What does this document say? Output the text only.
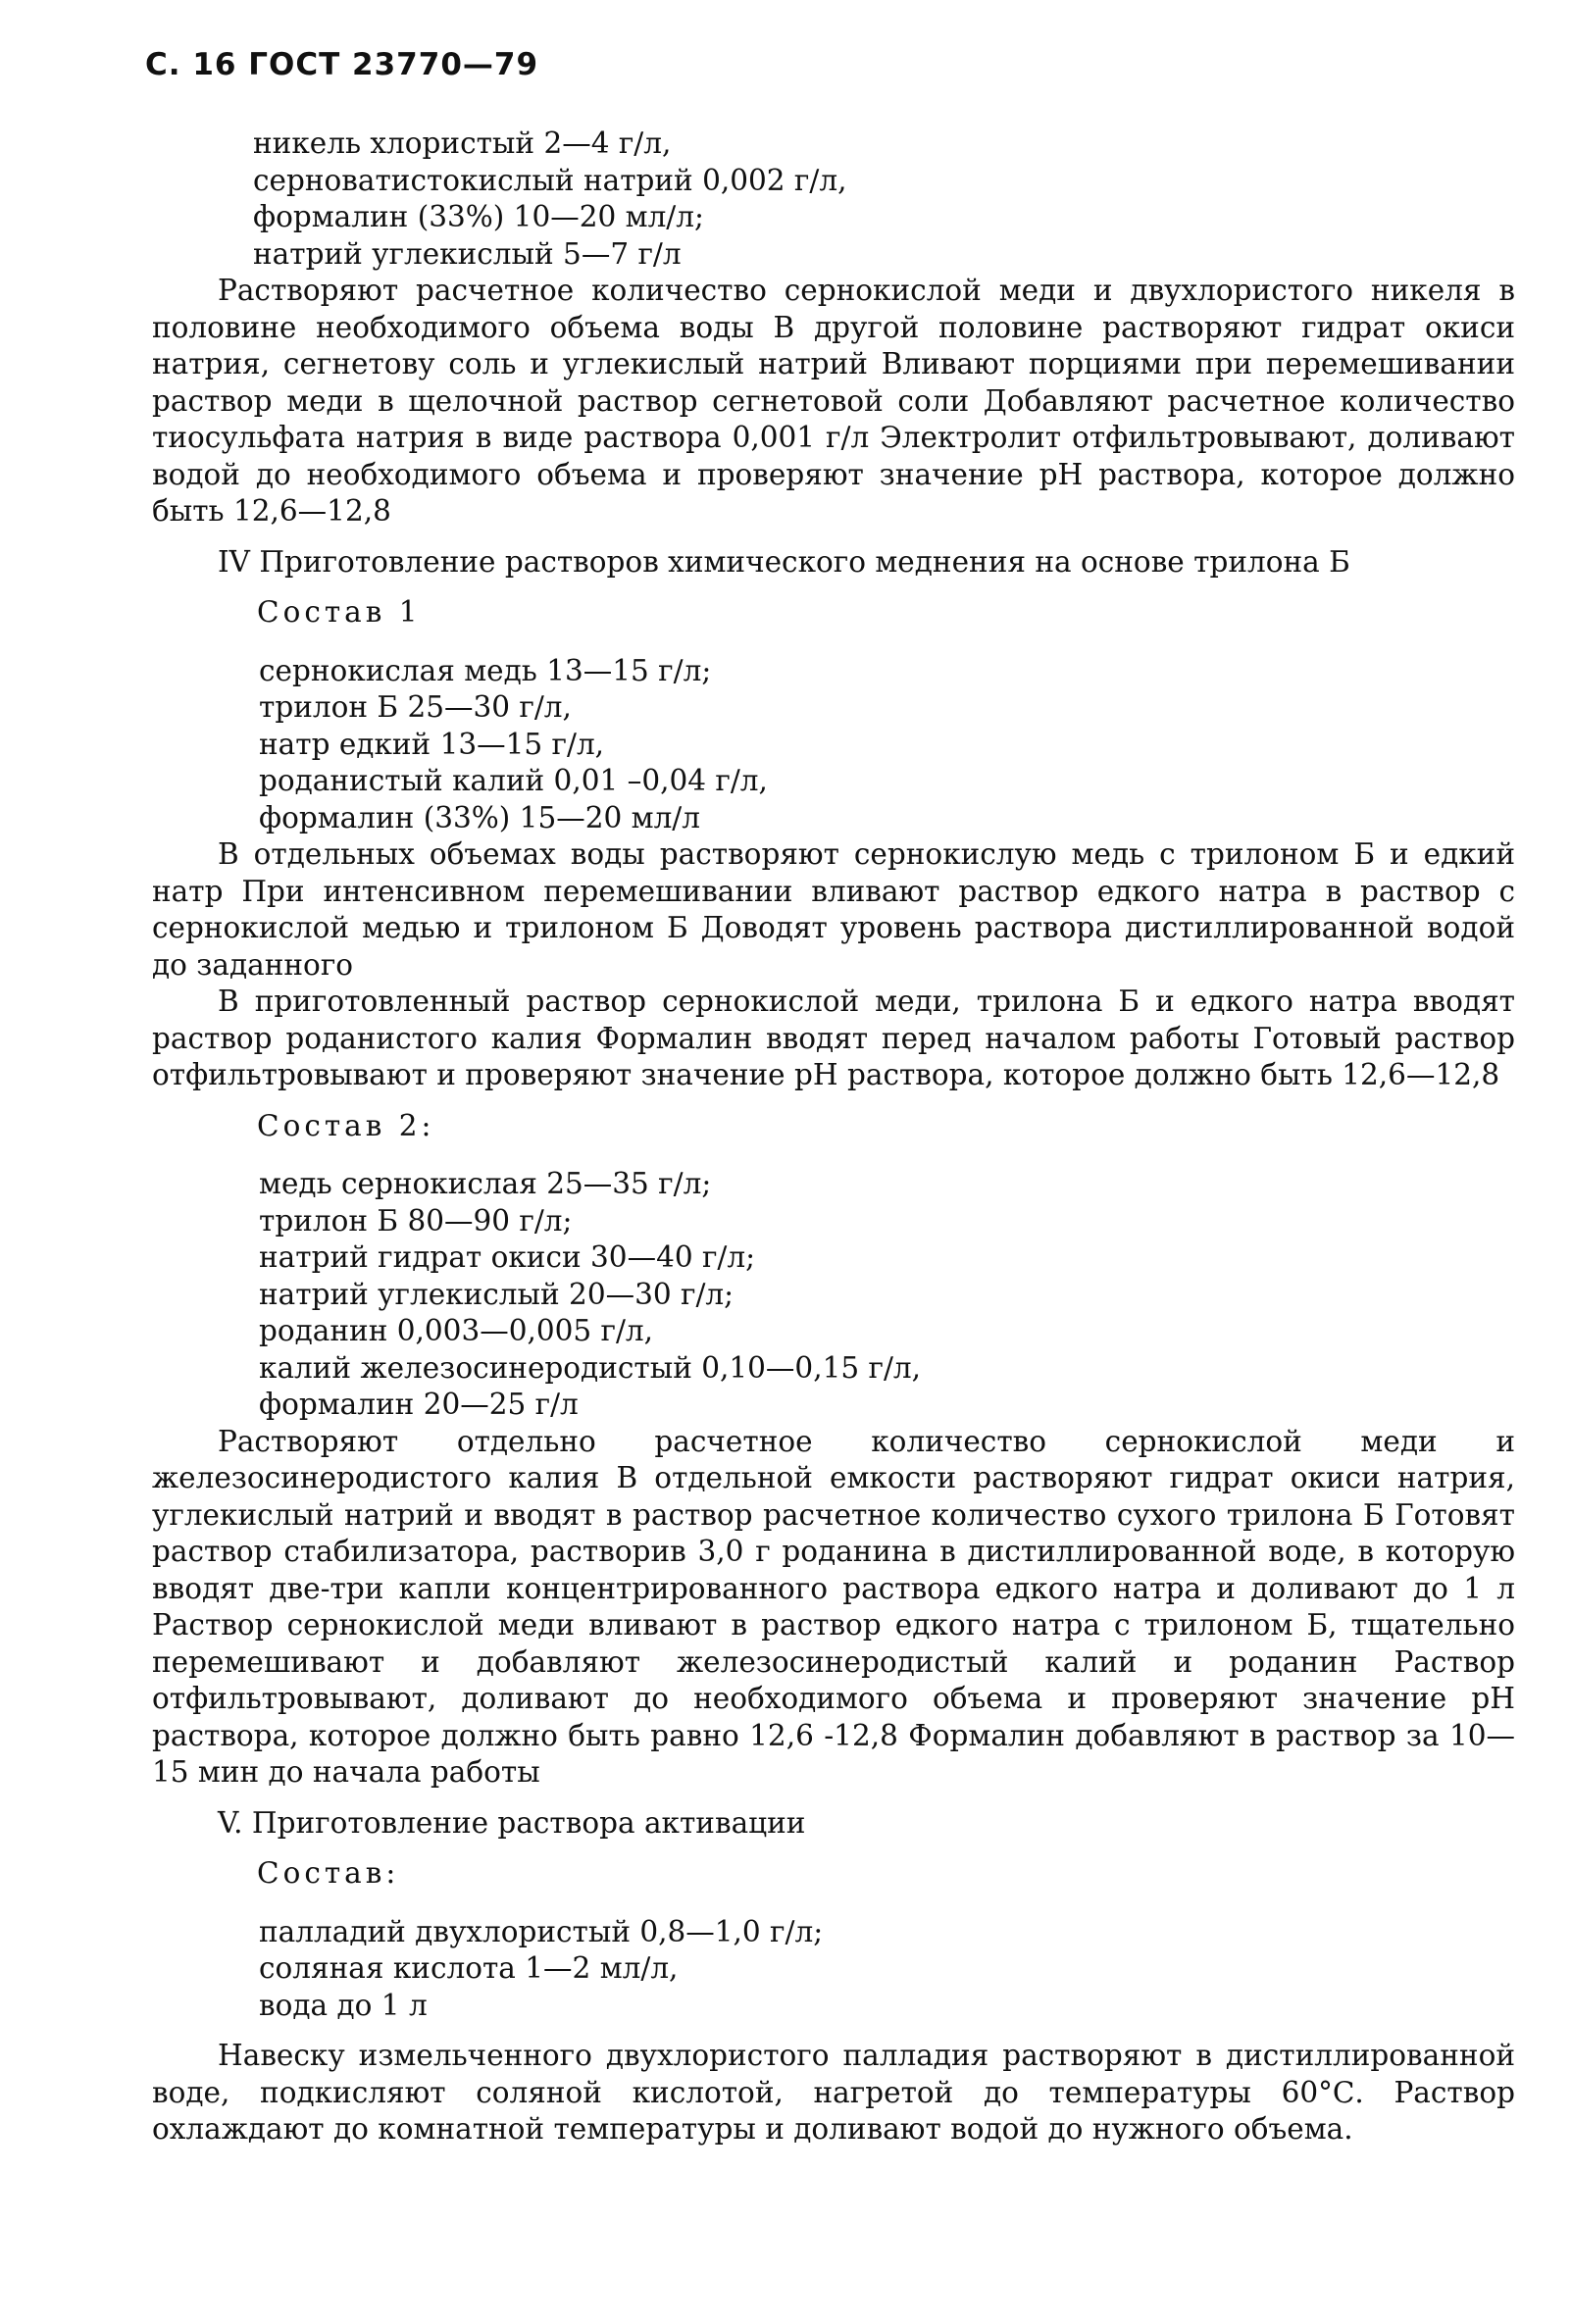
С. 16 ГОСТ 23770—79
никель хлористый 2—4 г/л,
серноватистокислый натрий 0,002 г/л,
формалин (33%) 10—20 мл/л;
натрий углекислый 5—7 г/л
Растворяют расчетное количество сернокислой меди и двухлористого никеля в половине необходимого объема воды В другой половине растворяют гидрат окиси натрия, сегнетову соль и углекислый натрий Вливают порциями при перемешивании раствор меди в щелочной раствор сегнетовой соли Добавляют расчетное количество тиосульфата натрия в виде раствора 0,001 г/л Электролит отфильтровывают, доливают водой до необходимого объема и проверяют значение рН раствора, которое должно быть 12,6—12,8
IV Приготовление растворов химического меднения на основе трилона Б
Состав 1
сернокислая медь 13—15 г/л;
трилон Б 25—30 г/л,
натр едкий 13—15 г/л,
роданистый калий 0,01 –0,04 г/л,
формалин (33%) 15—20 мл/л
В отдельных объемах воды растворяют сернокислую медь с трилоном Б и едкий натр При интенсивном перемешивании вливают раствор едкого натра в раствор с сернокислой медью и трилоном Б Доводят уровень раствора дистиллированной водой до заданного
В приготовленный раствор сернокислой меди, трилона Б и едкого натра вводят раствор роданистого калия Формалин вводят перед началом работы Готовый раствор отфильтровывают и проверяют значение рН раствора, которое должно быть 12,6—12,8
Состав 2:
медь сернокислая 25—35 г/л;
трилон Б 80—90 г/л;
натрий гидрат окиси 30—40 г/л;
натрий углекислый 20—30 г/л;
роданин 0,003—0,005 г/л,
калий железосинеродистый 0,10—0,15 г/л,
формалин 20—25 г/л
Растворяют отдельно расчетное количество сернокислой меди и железосинеродистого калия В отдельной емкости растворяют гидрат окиси натрия, углекислый натрий и вводят в раствор расчетное количество сухого трилона Б Готовят раствор стабилизатора, растворив 3,0 г роданина в дистиллированной воде, в которую вводят две-три капли концентрированного раствора едкого натра и доливают до 1 л Раствор сернокислой меди вливают в раствор едкого натра с трилоном Б, тщательно перемешивают и добавляют железосинеродистый калий и роданин Раствор отфильтровывают, доливают до необходимого объема и проверяют значение рН раствора, которое должно быть равно 12,6 -12,8 Формалин добавляют в раствор за 10—15 мин до начала работы
V. Приготовление раствора активации
Состав:
палладий двухлористый 0,8—1,0 г/л;
соляная кислота 1—2 мл/л,
вода до 1 л
Навеску измельченного двухлористого палладия растворяют в дистиллированной воде, подкисляют соляной кислотой, нагретой до температуры 60°С. Раствор охлаждают до комнатной температуры и доливают водой до нужного объема.
